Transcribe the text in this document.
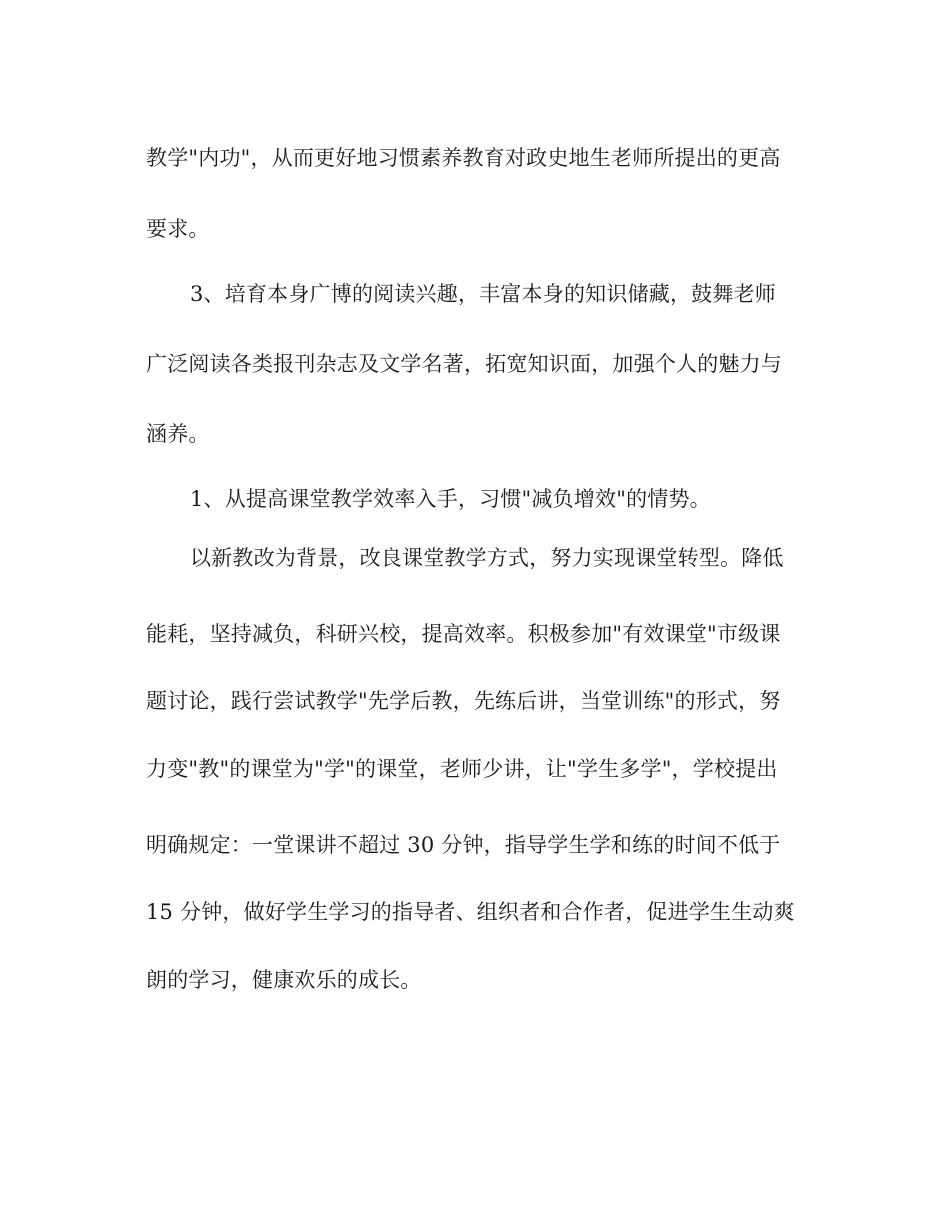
教学"内功"，从而更好地习惯素养教育对政史地生老师所提出的更高
要求。
3、培育本身广博的阅读兴趣，丰富本身的知识储藏，鼓舞老师
广泛阅读各类报刊杂志及文学名著，拓宽知识面，加强个人的魅力与
涵养。
1、从提高课堂教学效率入手，习惯"减负增效"的情势。
以新教改为背景，改良课堂教学方式，努力实现课堂转型。降低
能耗，坚持减负，科研兴校，提高效率。积极参加"有效课堂"市级课
题讨论，践行尝试教学"先学后教，先练后讲，当堂训练"的形式，努
力变"教"的课堂为"学"的课堂，老师少讲，让"学生多学"，学校提出
明确规定：一堂课讲不超过 30 分钟，指导学生学和练的时间不低于
15 分钟，做好学生学习的指导者、组织者和合作者，促进学生生动爽
朗的学习，健康欢乐的成长。
